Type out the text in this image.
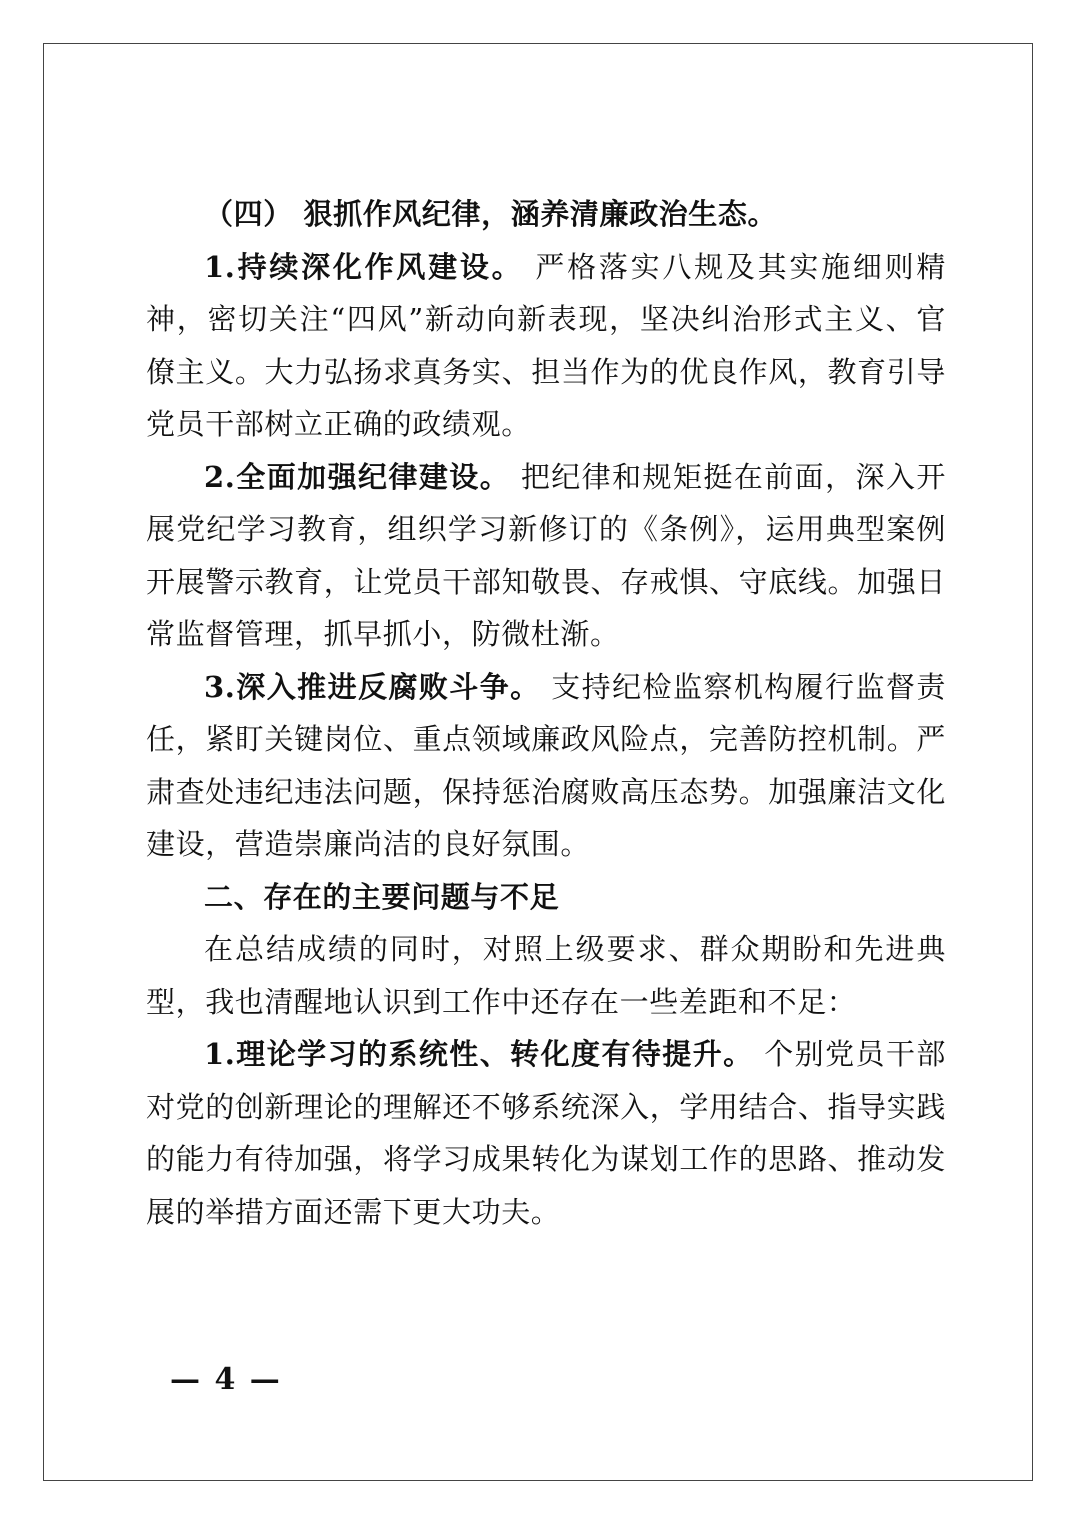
（四） 狠抓作风纪律，涵养清廉政治生态。

1.持续深化作风建设。 严格落实八规及其实施细则精神，密切关注“四风”新动向新表现，坚决纠治形式主义、官僚主义。大力弘扬求真务实、担当作为的优良作风，教育引导党员干部树立正确的政绩观。

2.全面加强纪律建设。 把纪律和规矩挺在前面，深入开展党纪学习教育，组织学习新修订的《条例》，运用典型案例开展警示教育，让党员干部知敬畏、存戒惧、守底线。加强日常监督管理，抓早抓小，防微杜渐。

3.深入推进反腐败斗争。 支持纪检监察机构履行监督责任，紧盯关键岗位、重点领域廉政风险点，完善防控机制。严肃查处违纪违法问题，保持惩治腐败高压态势。加强廉洁文化建设，营造崇廉尚洁的良好氛围。

二、存在的主要问题与不足

在总结成绩的同时，对照上级要求、群众期盼和先进典型，我也清醒地认识到工作中还存在一些差距和不足：

1.理论学习的系统性、转化度有待提升。 个别党员干部对党的创新理论的理解还不够系统深入，学用结合、指导实践的能力有待加强，将学习成果转化为谋划工作的思路、推动发展的举措方面还需下更大功夫。

— 4 —
